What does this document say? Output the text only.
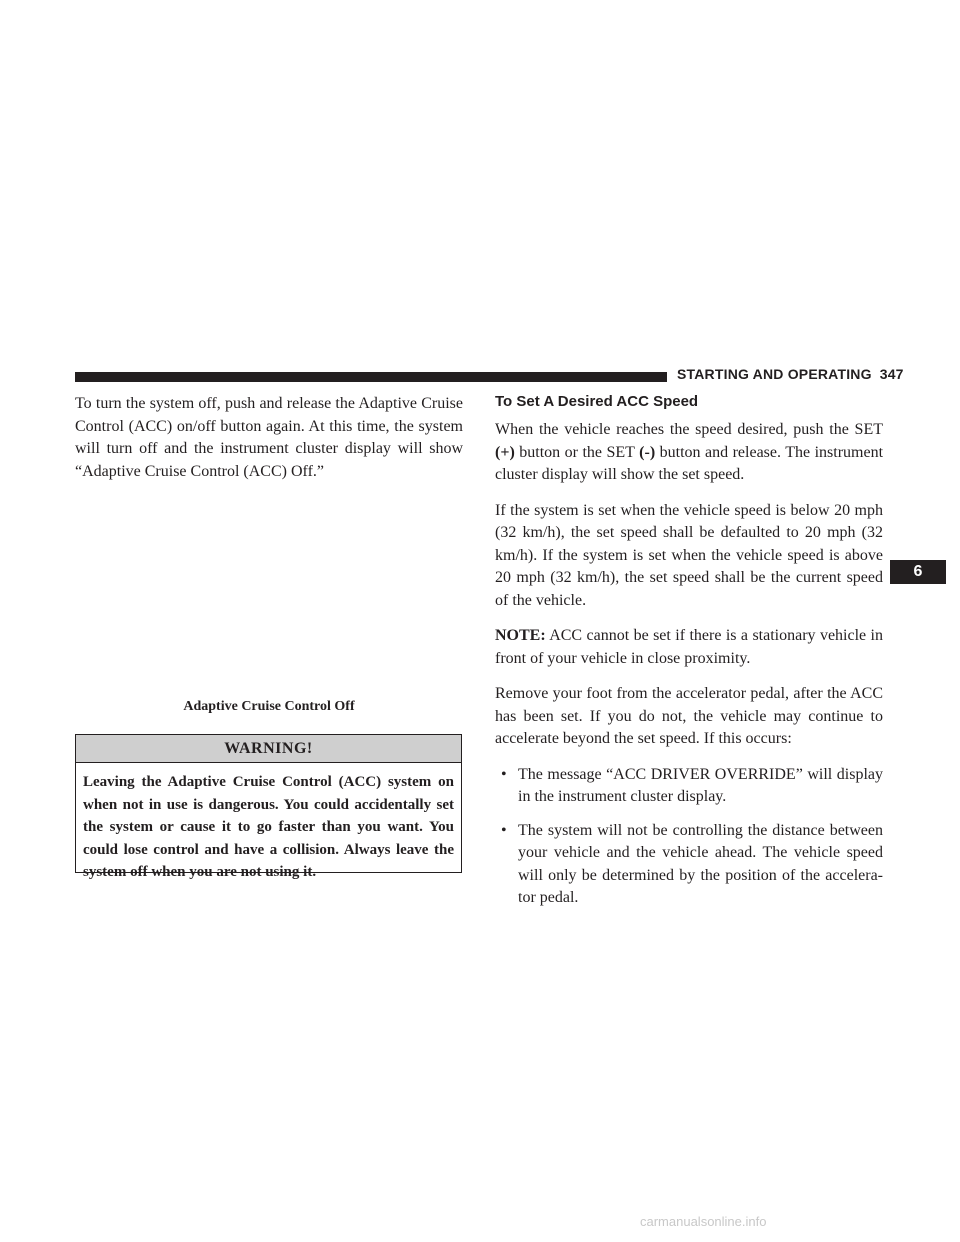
STARTING AND OPERATING 347

To turn the system off, push and release the Adaptive Cruise Control (ACC) on/off button again. At this time, the system will turn off and the instrument cluster display will show “Adaptive Cruise Control (ACC) Off.”

Adaptive Cruise Control Off
WARNING!
Leaving the Adaptive Cruise Control (ACC) system on when not in use is dangerous. You could accidentally set the system or cause it to go faster than you want. You could lose control and have a collision. Always leave the system off when you are not using it.
To Set A Desired ACC Speed

When the vehicle reaches the speed desired, push the SET (+) button or the SET (-) button and release. The instrument cluster display will show the set speed.

If the system is set when the vehicle speed is below 20 mph (32 km/h), the set speed shall be defaulted to 20 mph (32 km/h). If the system is set when the vehicle speed is above 20 mph (32 km/h), the set speed shall be the current speed of the vehicle.

NOTE: ACC cannot be set if there is a stationary vehicle in front of your vehicle in close proximity.

Remove your foot from the accelerator pedal, after the ACC has been set. If you do not, the vehicle may continue to accelerate beyond the set speed. If this occurs:

• The message “ACC DRIVER OVERRIDE” will display in the instrument cluster display.
• The system will not be controlling the distance between your vehicle and the vehicle ahead. The vehicle speed will only be determined by the position of the accelera-tor pedal.
6
carmanualsonline.info
